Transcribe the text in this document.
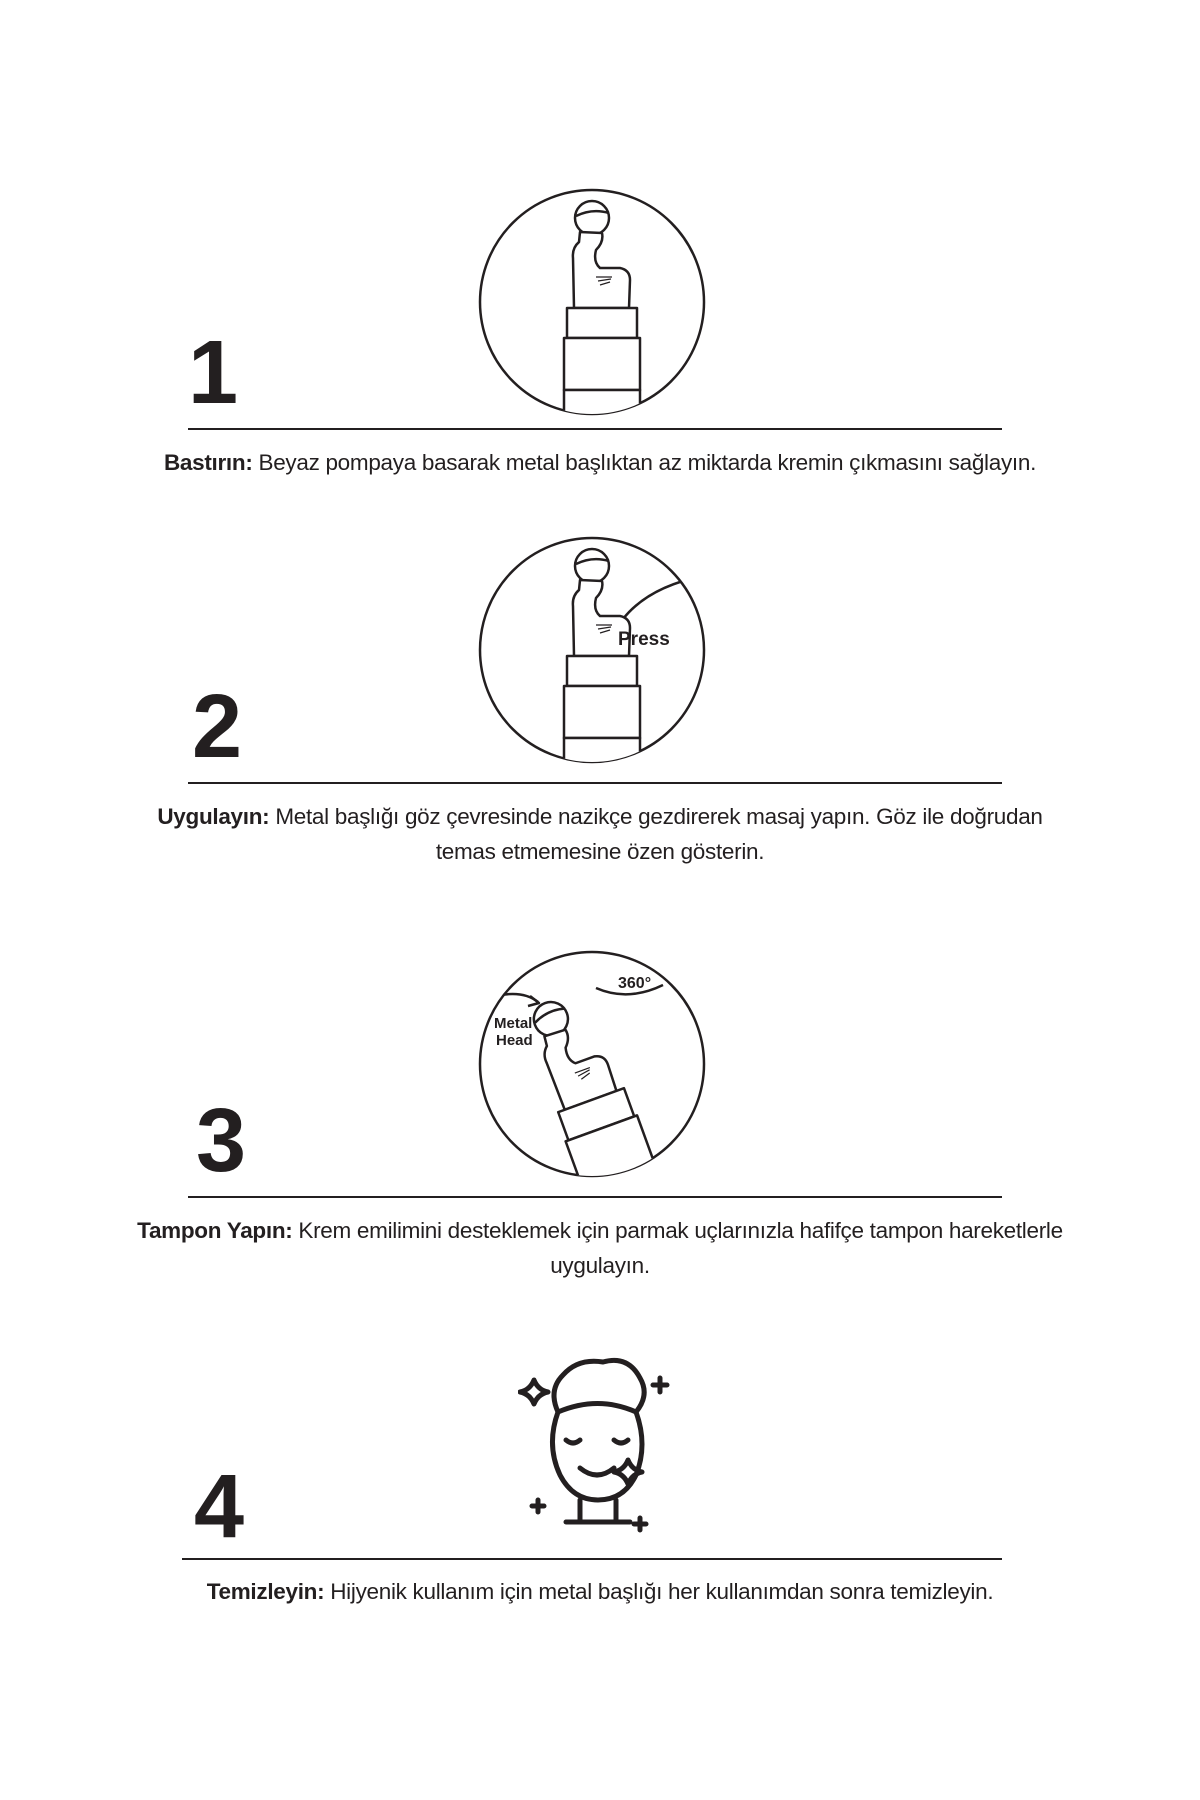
1
Bastırın: Beyaz pompaya basarak metal başlıktan az miktarda kremin çıkmasını sağlayın.
Press
2
Uygulayın: Metal başlığı göz çevresinde nazikçe gezdirerek masaj yapın. Göz ile doğrudan temas etmemesine özen gösterin.
360°
Metal
Head
3
Tampon Yapın: Krem emilimini desteklemek için parmak uçlarınızla hafifçe tampon hareketlerle uygulayın.
4
Temizleyin: Hijyenik kullanım için metal başlığı her kullanımdan sonra temizleyin.
